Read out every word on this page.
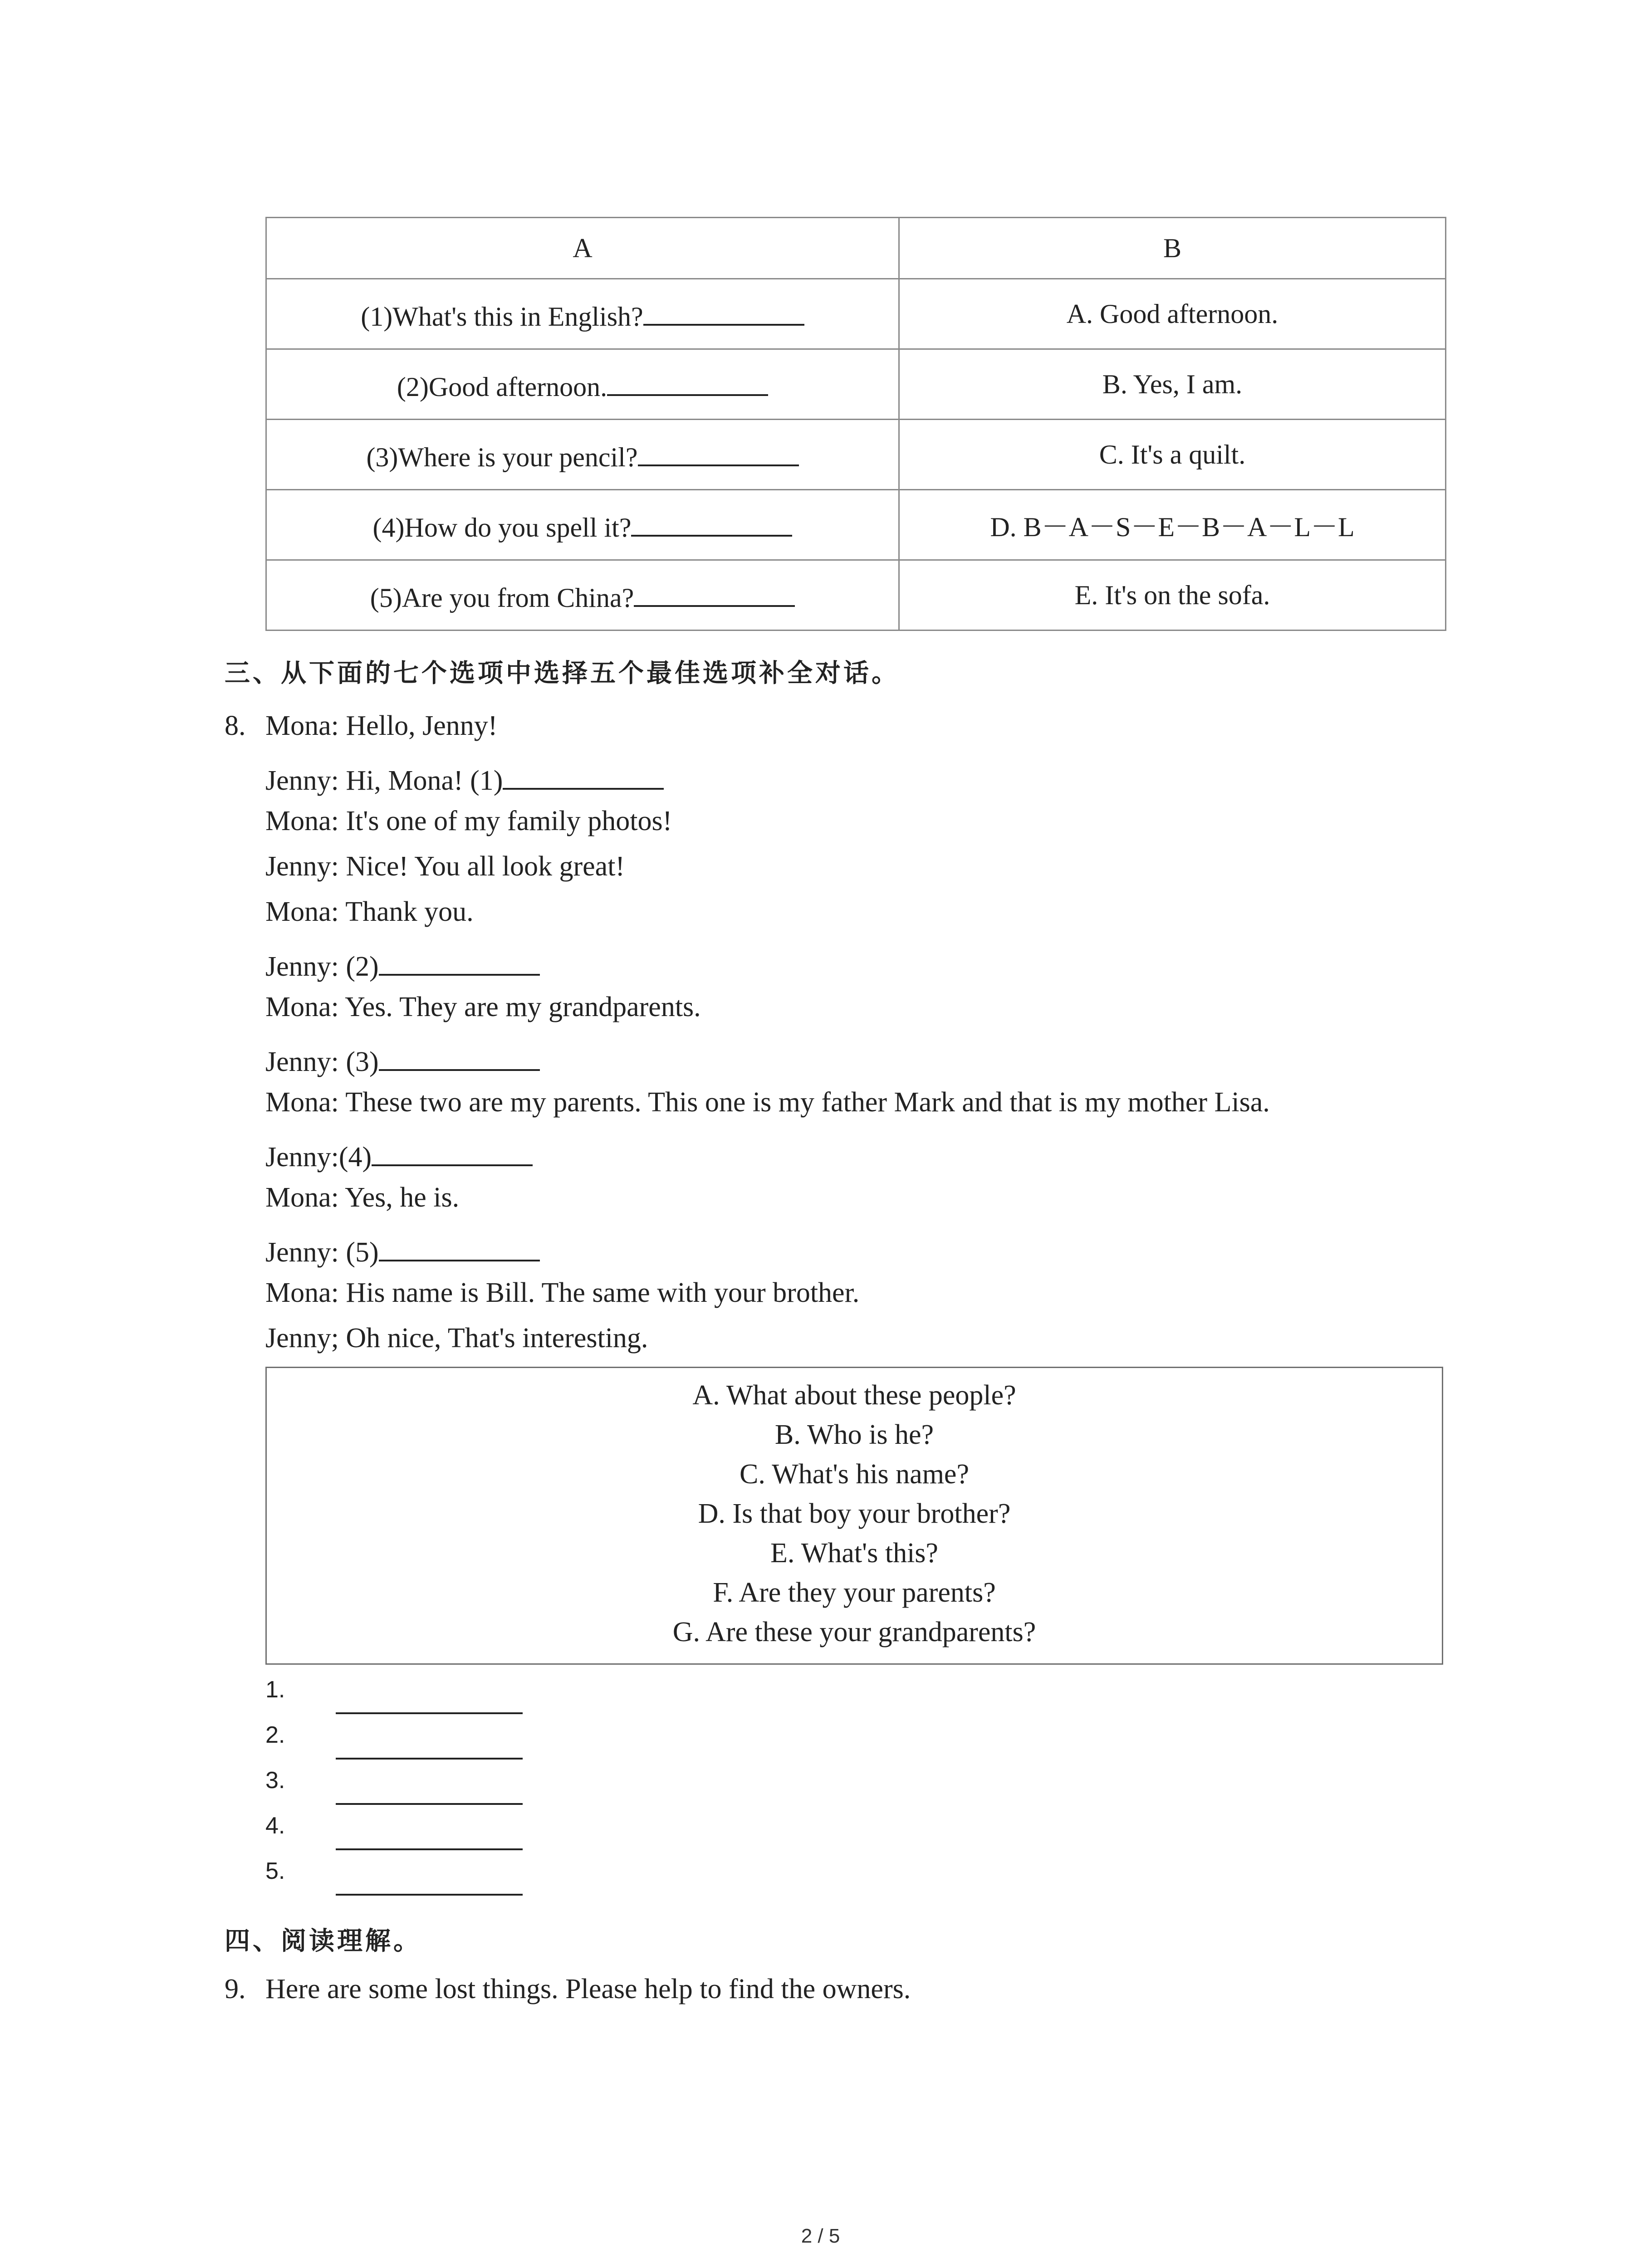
A	B
(1)What's this in English?	A. Good afternoon.
(2)Good afternoon.	B. Yes, I am.
(3)Where is your pencil?	C. It's a quilt.
(4)How do you spell it?	D. B－A－S－E－B－A－L－L
(5)Are you from China?	E. It's on the sofa.
三、从下面的七个选项中选择五个最佳选项补全对话。
8. Mona: Hello, Jenny!
Jenny: Hi, Mona! (1)
Mona: It's one of my family photos!
Jenny: Nice! You all look great!
Mona: Thank you.
Jenny: (2)
Mona: Yes. They are my grandparents.
Jenny: (3)
Mona: These two are my parents. This one is my father Mark and that is my mother Lisa.
Jenny:(4)
Mona: Yes, he is.
Jenny: (5)
Mona: His name is Bill. The same with your brother.
Jenny; Oh nice, That's interesting.
A. What about these people?
B. Who is he?
C. What's his name?
D. Is that boy your brother?
E. What's this?
F. Are they your parents?
G. Are these your grandparents?
1.
2.
3.
4.
5.
四、阅读理解。
9. Here are some lost things. Please help to find the owners.
2 / 5
